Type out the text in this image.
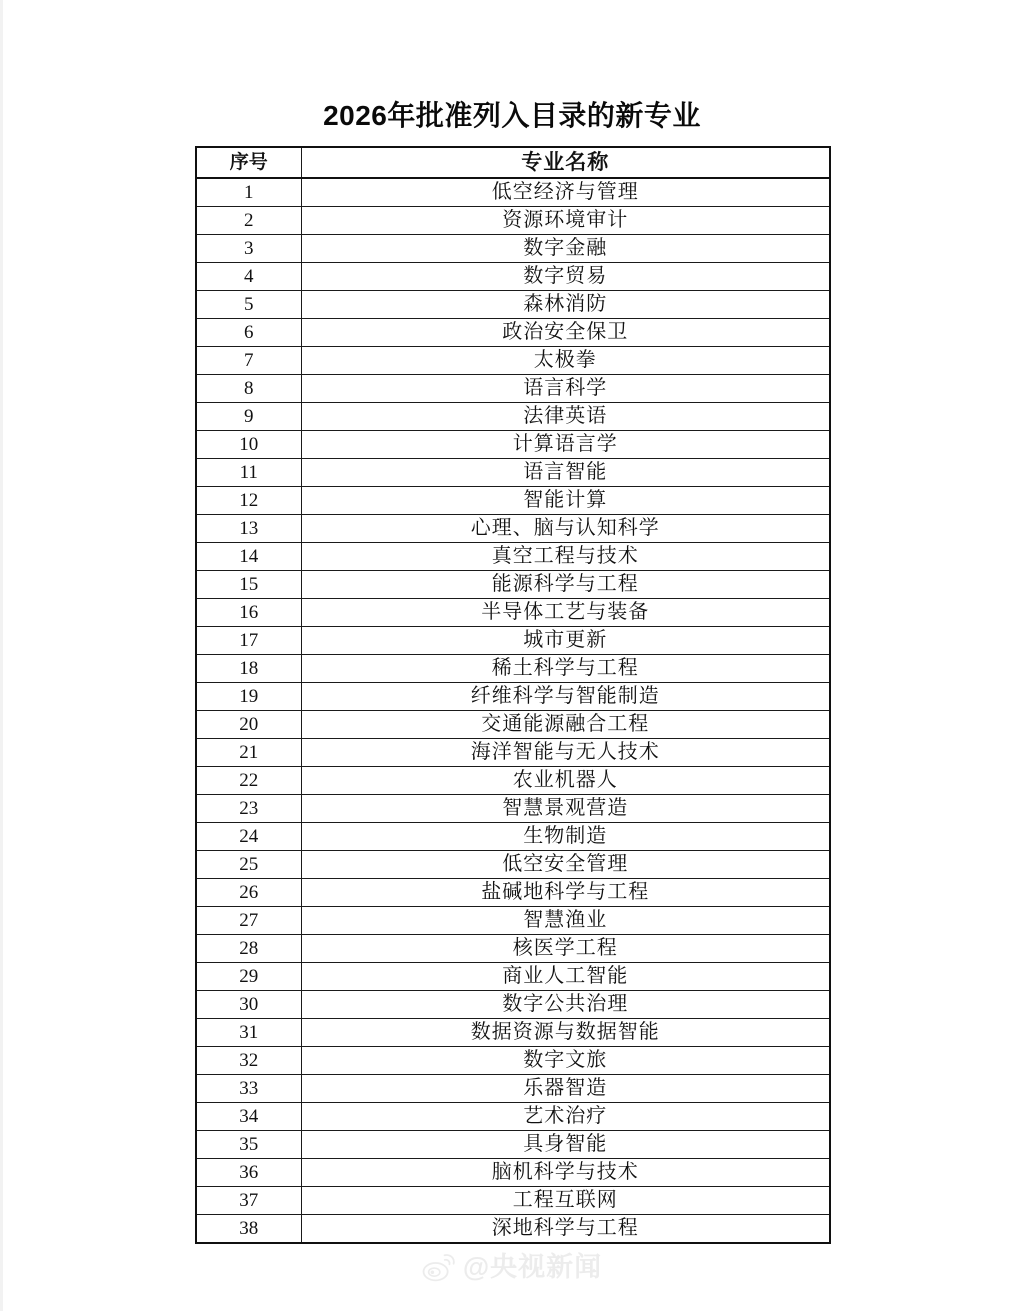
2026年批准列入目录的新专业
序号	专业名称
1	低空经济与管理
2	资源环境审计
3	数字金融
4	数字贸易
5	森林消防
6	政治安全保卫
7	太极拳
8	语言科学
9	法律英语
10	计算语言学
11	语言智能
12	智能计算
13	心理、脑与认知科学
14	真空工程与技术
15	能源科学与工程
16	半导体工艺与装备
17	城市更新
18	稀土科学与工程
19	纤维科学与智能制造
20	交通能源融合工程
21	海洋智能与无人技术
22	农业机器人
23	智慧景观营造
24	生物制造
25	低空安全管理
26	盐碱地科学与工程
27	智慧渔业
28	核医学工程
29	商业人工智能
30	数字公共治理
31	数据资源与数据智能
32	数字文旅
33	乐器智造
34	艺术治疗
35	具身智能
36	脑机科学与技术
37	工程互联网
38	深地科学与工程
@央视新闻
